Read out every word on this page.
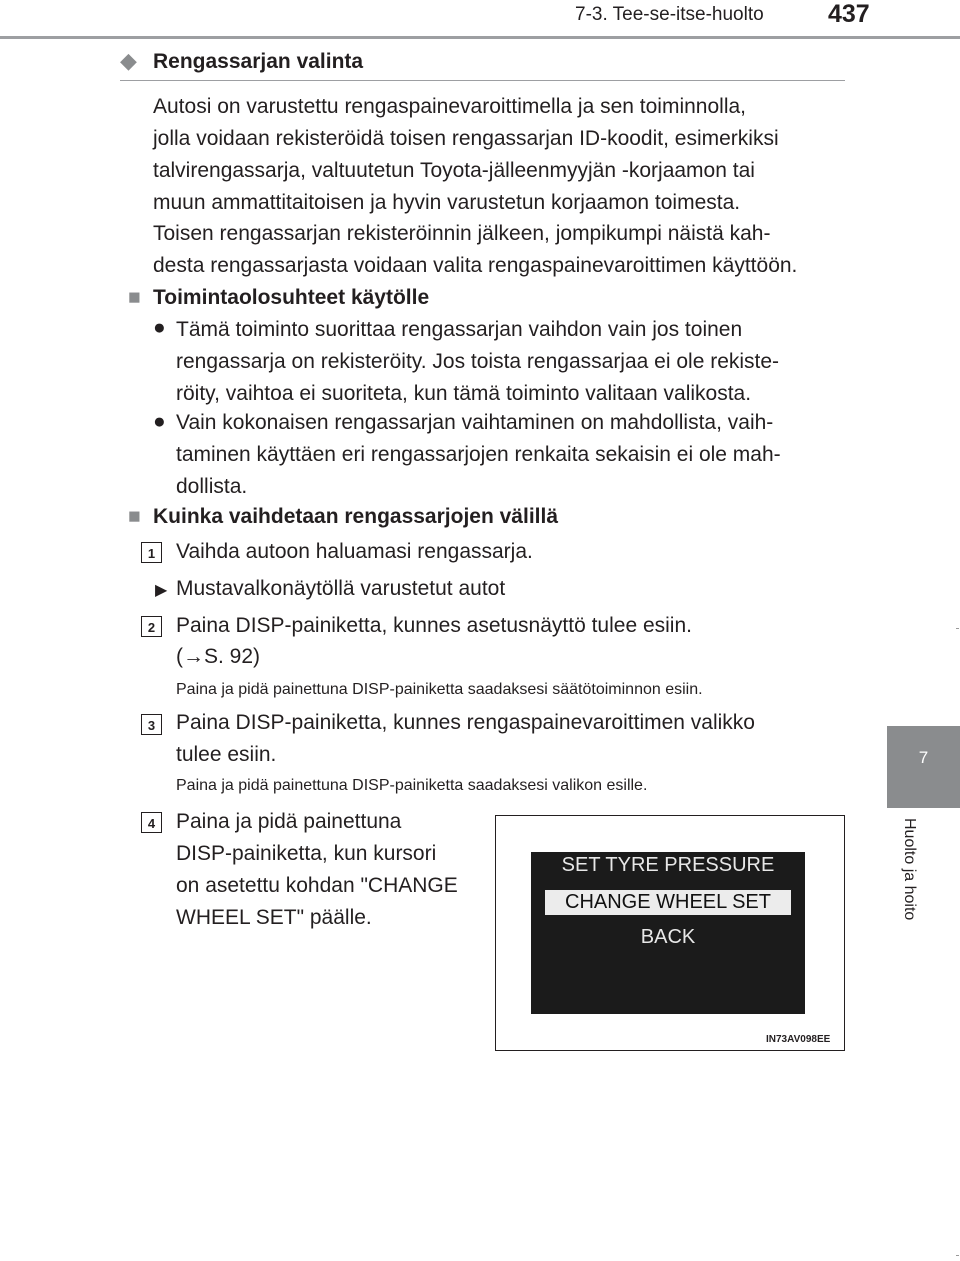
7-3. Tee-se-itse-huolto	437
7
Huolto ja hoito
◆ Rengassarjan valinta
Autosi on varustettu rengaspainevaroittimella ja sen toiminnolla,
jolla voidaan rekisteröidä toisen rengassarjan ID-koodit, esimerkiksi
talvirengassarja, valtuutetun Toyota-jälleenmyyjän -korjaamon tai
muun ammattitaitoisen ja hyvin varustetun korjaamon toimesta.
Toisen rengassarjan rekisteröinnin jälkeen, jompikumpi näistä kah-
desta rengassarjasta voidaan valita rengaspainevaroittimen käyttöön.
■ Toimintaolosuhteet käytölle
● Tämä toiminto suorittaa rengassarjan vaihdon vain jos toinen
rengassarja on rekisteröity. Jos toista rengassarjaa ei ole rekiste-
röity, vaihtoa ei suoriteta, kun tämä toiminto valitaan valikosta.
● Vain kokonaisen rengassarjan vaihtaminen on mahdollista, vaih-
taminen käyttäen eri rengassarjojen renkaita sekaisin ei ole mah-
dollista.
■ Kuinka vaihdetaan rengassarjojen välillä
1 Vaihda autoon haluamasi rengassarja.
▶ Mustavalkonäytöllä varustetut autot
2 Paina DISP-painiketta, kunnes asetusnäyttö tulee esiin.
(→S. 92)
Paina ja pidä painettuna DISP-painiketta saadaksesi säätötoiminnon esiin.
3 Paina DISP-painiketta, kunnes rengaspainevaroittimen valikko
tulee esiin.
Paina ja pidä painettuna DISP-painiketta saadaksesi valikon esille.
4 Paina ja pidä painettuna
DISP-painiketta, kun kursori
on asetettu kohdan "CHANGE
WHEEL SET" päälle.
SET TYRE PRESSURE
CHANGE WHEEL SET
BACK
IN73AV098EE
